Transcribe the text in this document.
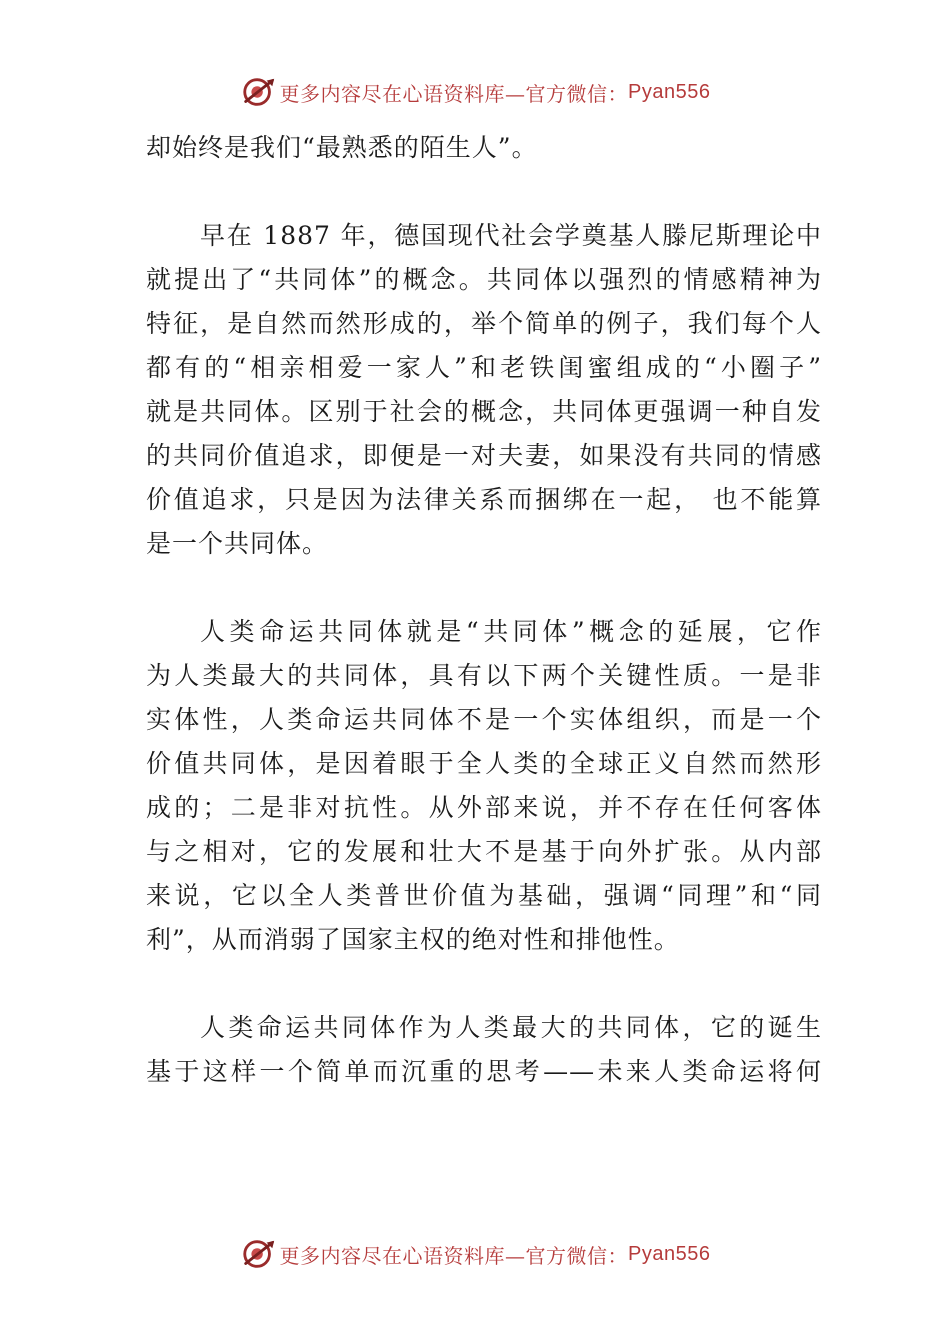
更多内容尽在心语资料库—官方微信： Pyan556
却始终是我们“最熟悉的陌生人”。
早在 1887 年，德国现代社会学奠基人滕尼斯理论中
就提出了“共同体”的概念。共同体以强烈的情感精神为
特征，是自然而然形成的，举个简单的例子，我们每个人
都有的“相亲相爱一家人”和老铁闺蜜组成的“小圈子”
就是共同体。区别于社会的概念，共同体更强调一种自发
的共同价值追求，即便是一对夫妻，如果没有共同的情感
价值追求，只是因为法律关系而捆绑在一起， 也不能算
是一个共同体。
人类命运共同体就是“共同体”概念的延展，它作
为人类最大的共同体，具有以下两个关键性质。一是非
实体性，人类命运共同体不是一个实体组织，而是一个
价值共同体，是因着眼于全人类的全球正义自然而然形
成的；二是非对抗性。从外部来说，并不存在任何客体
与之相对，它的发展和壮大不是基于向外扩张。从内部
来说，它以全人类普世价值为基础，强调“同理”和“同
利”，从而消弱了国家主权的绝对性和排他性。
人类命运共同体作为人类最大的共同体，它的诞生
基于这样一个简单而沉重的思考——未来人类命运将何
更多内容尽在心语资料库—官方微信： Pyan556
